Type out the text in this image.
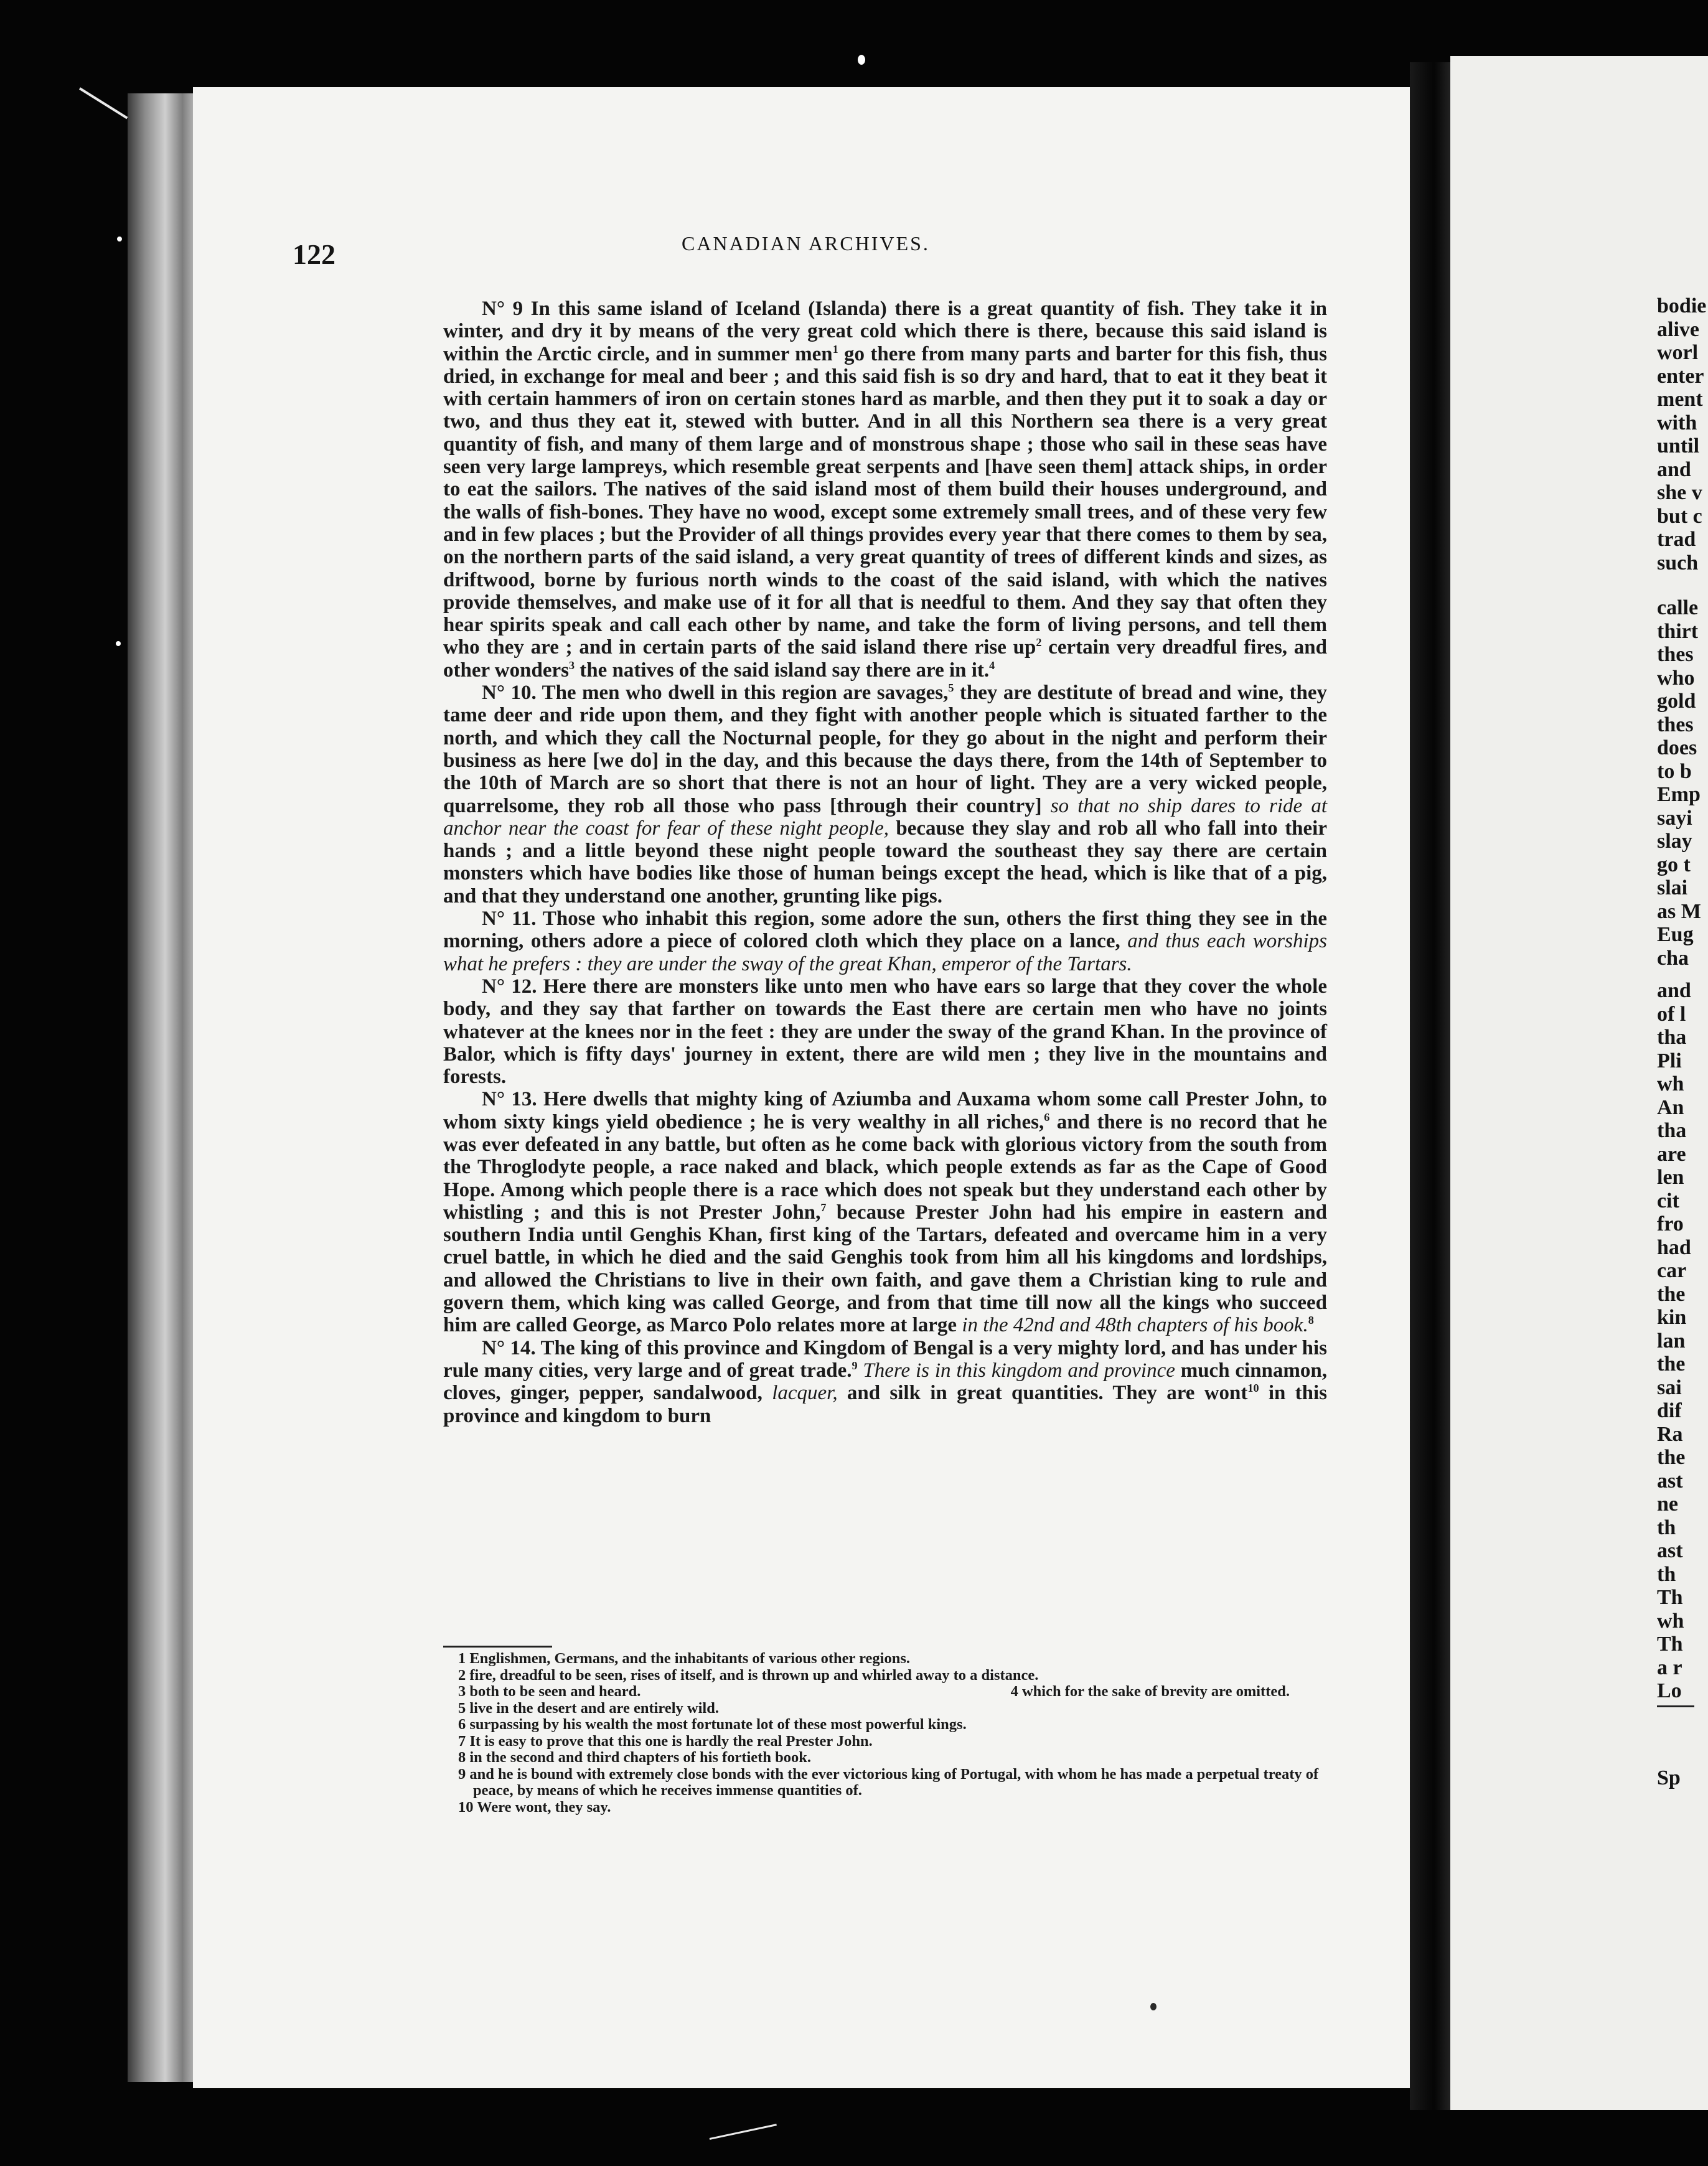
bodie
alive
worl
enter
ment
with
until
and
she v
but c
trad
such
calle
thirt
thes
who
gold
thes
does
to b
Emp
sayi
slay
go t
slai
as M
Eug
cha
and
of l
tha
Pli
wh
An
tha
are
len
cit
fro
had
car
the
kin
lan
the
sai
dif
Ra
the
ast
ne
th
ast
th
Th
wh
Th
a r
Lo
Sp
122	CANADIAN ARCHIVES.

N° 9 In this same island of Iceland (Islanda) there is a great quantity of fish. They take it in winter, and dry it by means of the very great cold which there is there, because this said island is within the Arctic circle, and in summer men$^1$ go there from many parts and barter for this fish, thus dried, in exchange for meal and beer ; and this said fish is so dry and hard, that to eat it they beat it with certain hammers of iron on certain stones hard as marble, and then they put it to soak a day or two, and thus they eat it, stewed with butter. And in all this Northern sea there is a very great quantity of fish, and many of them large and of monstrous shape ; those who sail in these seas have seen very large lampreys, which resemble great serpents and [have seen them] attack ships, in order to eat the sailors. The natives of the said island most of them build their houses underground, and the walls of fish-bones. They have no wood, except some extremely small trees, and of these very few and in few places ; but the Provider of all things provides every year that there comes to them by sea, on the northern parts of the said island, a very great quantity of trees of different kinds and sizes, as driftwood, borne by furious north winds to the coast of the said island, with which the natives provide themselves, and make use of it for all that is needful to them. And they say that often they hear spirits speak and call each other by name, and take the form of living persons, and tell them who they are ; and in certain parts of the said island there rise $up^2$ certain very dreadful fires, and other wonders$^3$ the natives of the said island say there are in it.$^4$

N° 10. The men who dwell in this region are savages,$^5$ they are destitute of bread and wine, they tame deer and ride upon them, and they fight with another people which is situated farther to the north, and which they call the Nocturnal people, for they go about in the night and perform their business as here [we do] in the day, and this because the days there, from the 14th of September to the 10th of March are so short that there is not an hour of light. They are a very wicked people, quarrelsome, they rob all those who pass [through their country] so that no ship dares to ride at anchor near the coast for fear of these night people, because they slay and rob all who fall into their hands ; and a little beyond these night people toward the southeast they say there are certain monsters which have bodies like those of human beings except the head, which is like that of a pig, and that they understand one another, grunting like pigs.

N° 11. Those who inhabit this region, some adore the sun, others the first thing they see in the morning, others adore a piece of colored cloth which they place on a lance, and thus each worships what he prefers : they are under the sway of the great Khan, emperor of the Tartars.

N° 12. Here there are monsters like unto men who have ears so large that they cover the whole body, and they say that farther on towards the East there are certain men who have no joints whatever at the knees nor in the feet : they are under the sway of the grand Khan. In the province of Balor, which is fifty days' journey in extent, there are wild men ; they live in the mountains and forests.

N° 13. Here dwells that mighty king of Aziumba and Auxama whom some call Prester John, to whom sixty kings yield obedience ; he is very wealthy in all riches,$^6$ and there is no record that he was ever defeated in any battle, but often as he come back with glorious victory from the south from the Throglodyte people, a race naked and black, which people extends as far as the Cape of Good Hope. Among which people there is a race which does not speak but they understand each other by whistling ; and this is not Prester John,$^7$ because Prester John had his empire in eastern and southern India until Genghis Khan, first king of the Tartars, defeated and overcame him in a very cruel battle, in which he died and the said Genghis took from him all his kingdoms and lordships, and allowed the Christians to live in their own faith, and gave them a Christian king to rule and govern them, which king was called George, and from that time till now all the kings who succeed him are called George, as Marco Polo relates more at large in the 42nd and 48th chapters of his book.$^8$

N° 14. The king of this province and Kingdom of Bengal is a very mighty lord, and has under his rule many cities, very large and of great trade.$^9$ There is in this kingdom and province much cinnamon, cloves, ginger, pepper, sandalwood, lacquer, and silk in great quantities. They are wont$^{10}$ in this province and kingdom to burn

1 Englishmen, Germans, and the inhabitants of various other regions.

2 fire, dreadful to be seen, rises of itself, and is thrown up and whirled away to a distance.

3 both to be seen and heard.	4 which for the sake of brevity are omitted.

5 live in the desert and are entirely wild.

6 surpassing by his wealth the most fortunate lot of these most powerful kings.

7 It is easy to prove that this one is hardly the real Prester John.

8 in the second and third chapters of his fortieth book.

9 and he is bound with extremely close bonds with the ever victorious king of Portugal, with whom he has made a perpetual treaty of peace, by means of which he receives immense quantities of.

10 Were wont, they say.
